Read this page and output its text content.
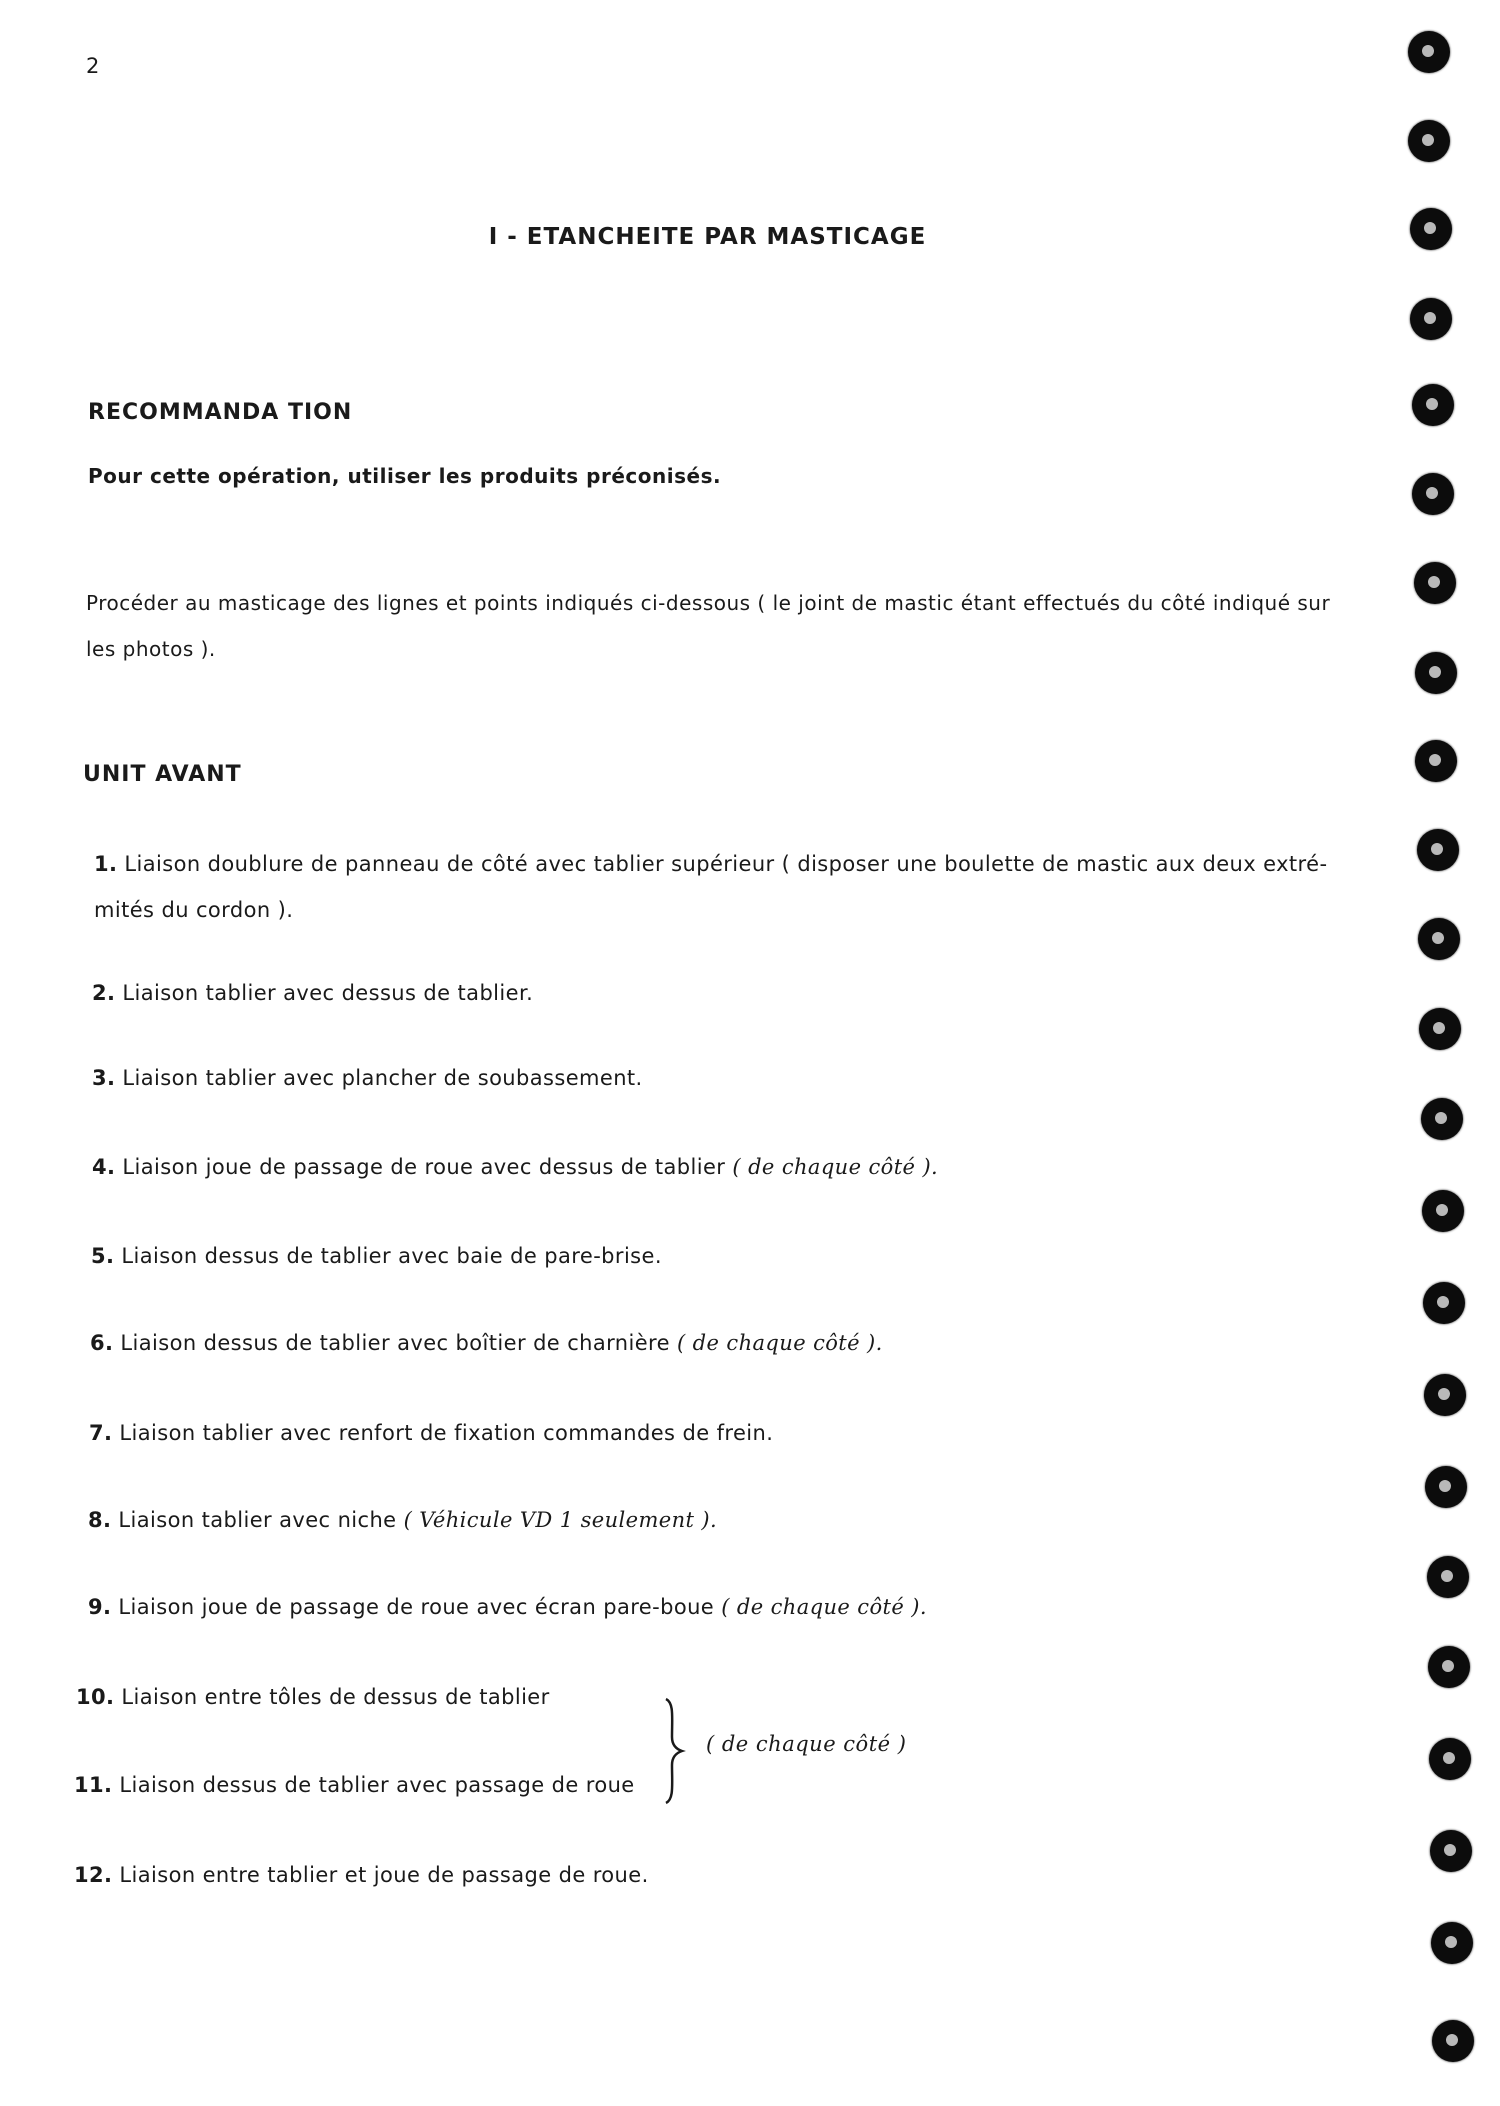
2
I - ETANCHEITE PAR MASTICAGE
RECOMMANDA TION
Pour cette opération, utiliser les produits préconisés.
Procéder au masticage des lignes et points indiqués ci-dessous ( le joint de mastic étant effectués du côté indiqué sur les photos ).
UNIT AVANT
1. Liaison doublure de panneau de côté avec tablier supérieur ( disposer une boulette de mastic aux deux extré-mités du cordon ).
2. Liaison tablier avec dessus de tablier.
3. Liaison tablier avec plancher de soubassement.
4. Liaison joue de passage de roue avec dessus de tablier ( de chaque côté ).
5. Liaison dessus de tablier avec baie de pare-brise.
6. Liaison dessus de tablier avec boîtier de charnière ( de chaque côté ).
7. Liaison tablier avec renfort de fixation commandes de frein.
8. Liaison tablier avec niche ( Véhicule VD 1 seulement ).
9. Liaison joue de passage de roue avec écran pare-boue ( de chaque côté ).
10. Liaison entre tôles de dessus de tablier
11. Liaison dessus de tablier avec passage de roue
( de chaque côté )
12. Liaison entre tablier et joue de passage de roue.
